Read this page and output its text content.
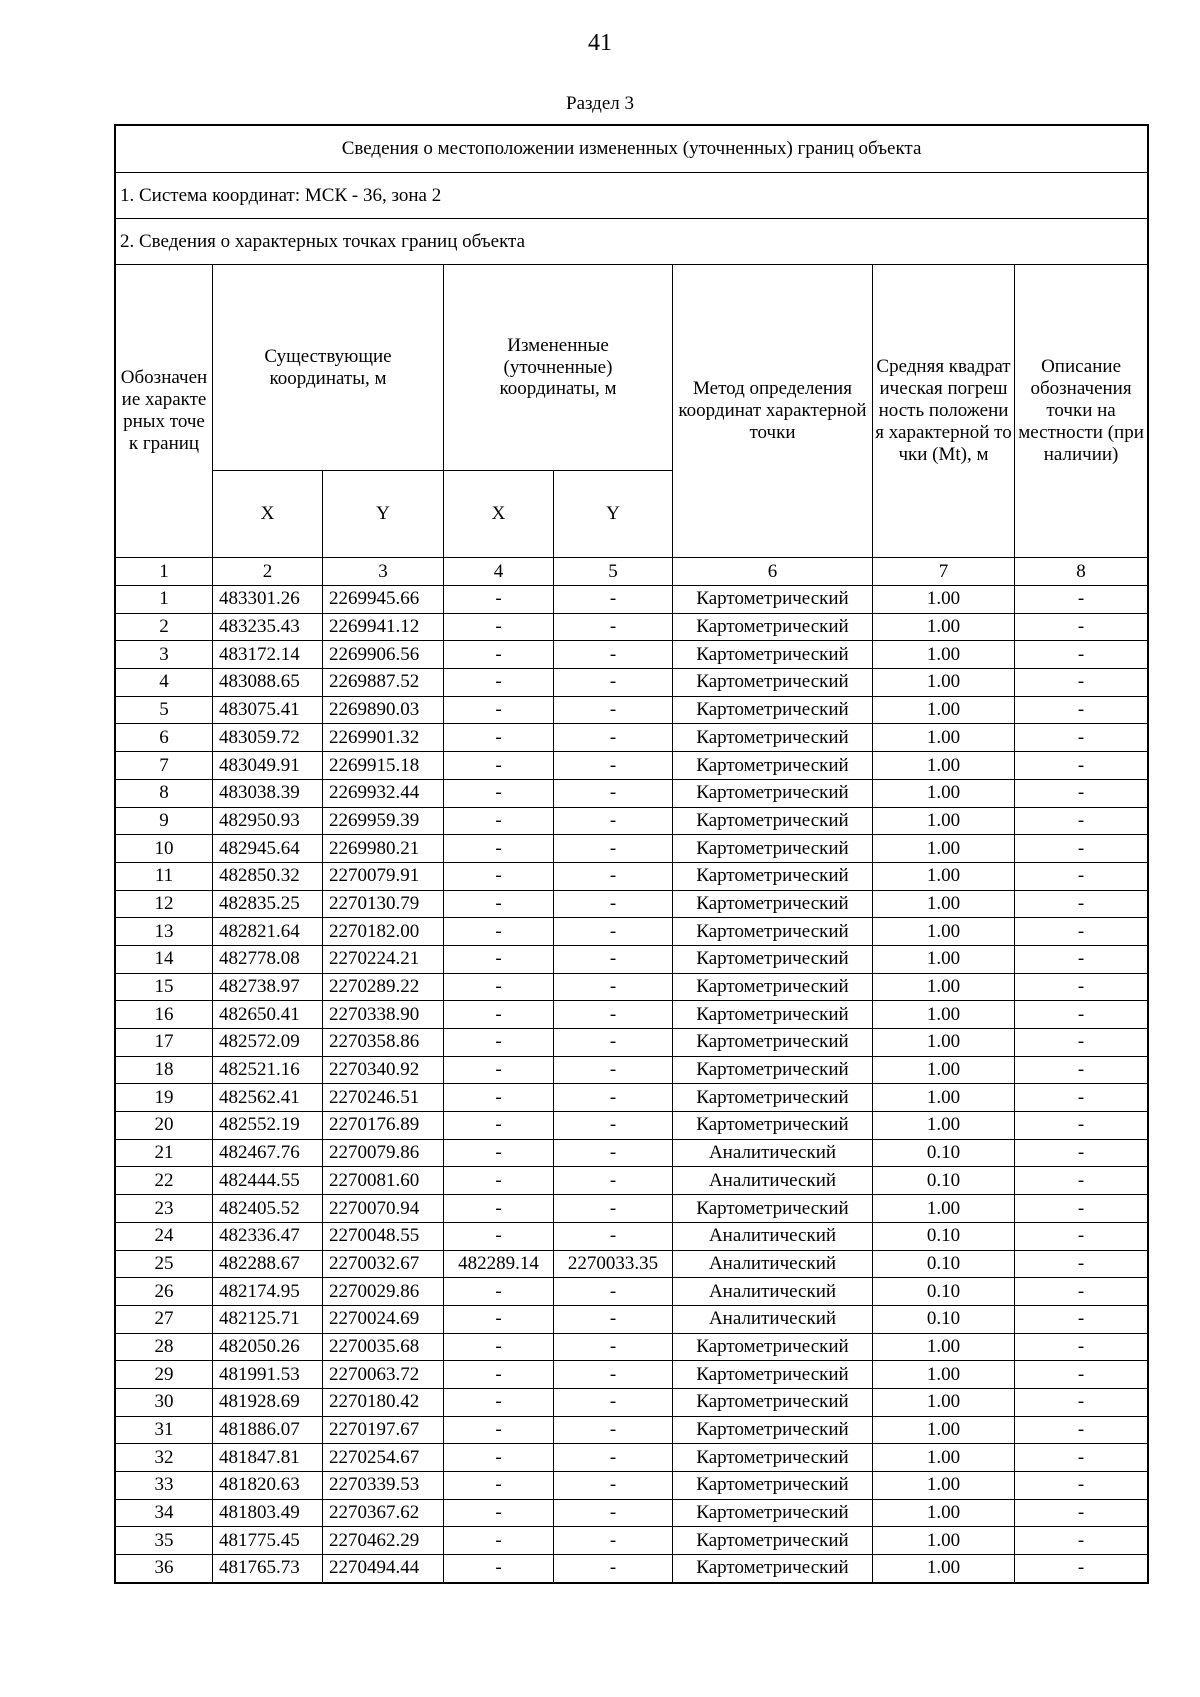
41
Раздел 3
Сведения о местоположении измененных (уточненных) границ объекта							
1. Система координат: МСК - 36, зона 2							
2. Сведения о характерных точках границ объекта							
Обозначение характерных точек границ	Существующие координаты, м		Измененные (уточненные) координаты, м		Метод определения координат характерной точки	Средняя квадратическая погрешность положения характерной точки (Mt), м	Описание обозначения точки на местности (при наличии)
	X	Y	X	Y			
1	2	3	4	5	6	7	8
1	483301.26	2269945.66	-	-	Картометрический	1.00	-
2	483235.43	2269941.12	-	-	Картометрический	1.00	-
3	483172.14	2269906.56	-	-	Картометрический	1.00	-
4	483088.65	2269887.52	-	-	Картометрический	1.00	-
5	483075.41	2269890.03	-	-	Картометрический	1.00	-
6	483059.72	2269901.32	-	-	Картометрический	1.00	-
7	483049.91	2269915.18	-	-	Картометрический	1.00	-
8	483038.39	2269932.44	-	-	Картометрический	1.00	-
9	482950.93	2269959.39	-	-	Картометрический	1.00	-
10	482945.64	2269980.21	-	-	Картометрический	1.00	-
11	482850.32	2270079.91	-	-	Картометрический	1.00	-
12	482835.25	2270130.79	-	-	Картометрический	1.00	-
13	482821.64	2270182.00	-	-	Картометрический	1.00	-
14	482778.08	2270224.21	-	-	Картометрический	1.00	-
15	482738.97	2270289.22	-	-	Картометрический	1.00	-
16	482650.41	2270338.90	-	-	Картометрический	1.00	-
17	482572.09	2270358.86	-	-	Картометрический	1.00	-
18	482521.16	2270340.92	-	-	Картометрический	1.00	-
19	482562.41	2270246.51	-	-	Картометрический	1.00	-
20	482552.19	2270176.89	-	-	Картометрический	1.00	-
21	482467.76	2270079.86	-	-	Аналитический	0.10	-
22	482444.55	2270081.60	-	-	Аналитический	0.10	-
23	482405.52	2270070.94	-	-	Картометрический	1.00	-
24	482336.47	2270048.55	-	-	Аналитический	0.10	-
25	482288.67	2270032.67	482289.14	2270033.35	Аналитический	0.10	-
26	482174.95	2270029.86	-	-	Аналитический	0.10	-
27	482125.71	2270024.69	-	-	Аналитический	0.10	-
28	482050.26	2270035.68	-	-	Картометрический	1.00	-
29	481991.53	2270063.72	-	-	Картометрический	1.00	-
30	481928.69	2270180.42	-	-	Картометрический	1.00	-
31	481886.07	2270197.67	-	-	Картометрический	1.00	-
32	481847.81	2270254.67	-	-	Картометрический	1.00	-
33	481820.63	2270339.53	-	-	Картометрический	1.00	-
34	481803.49	2270367.62	-	-	Картометрический	1.00	-
35	481775.45	2270462.29	-	-	Картометрический	1.00	-
36	481765.73	2270494.44	-	-	Картометрический	1.00	-
